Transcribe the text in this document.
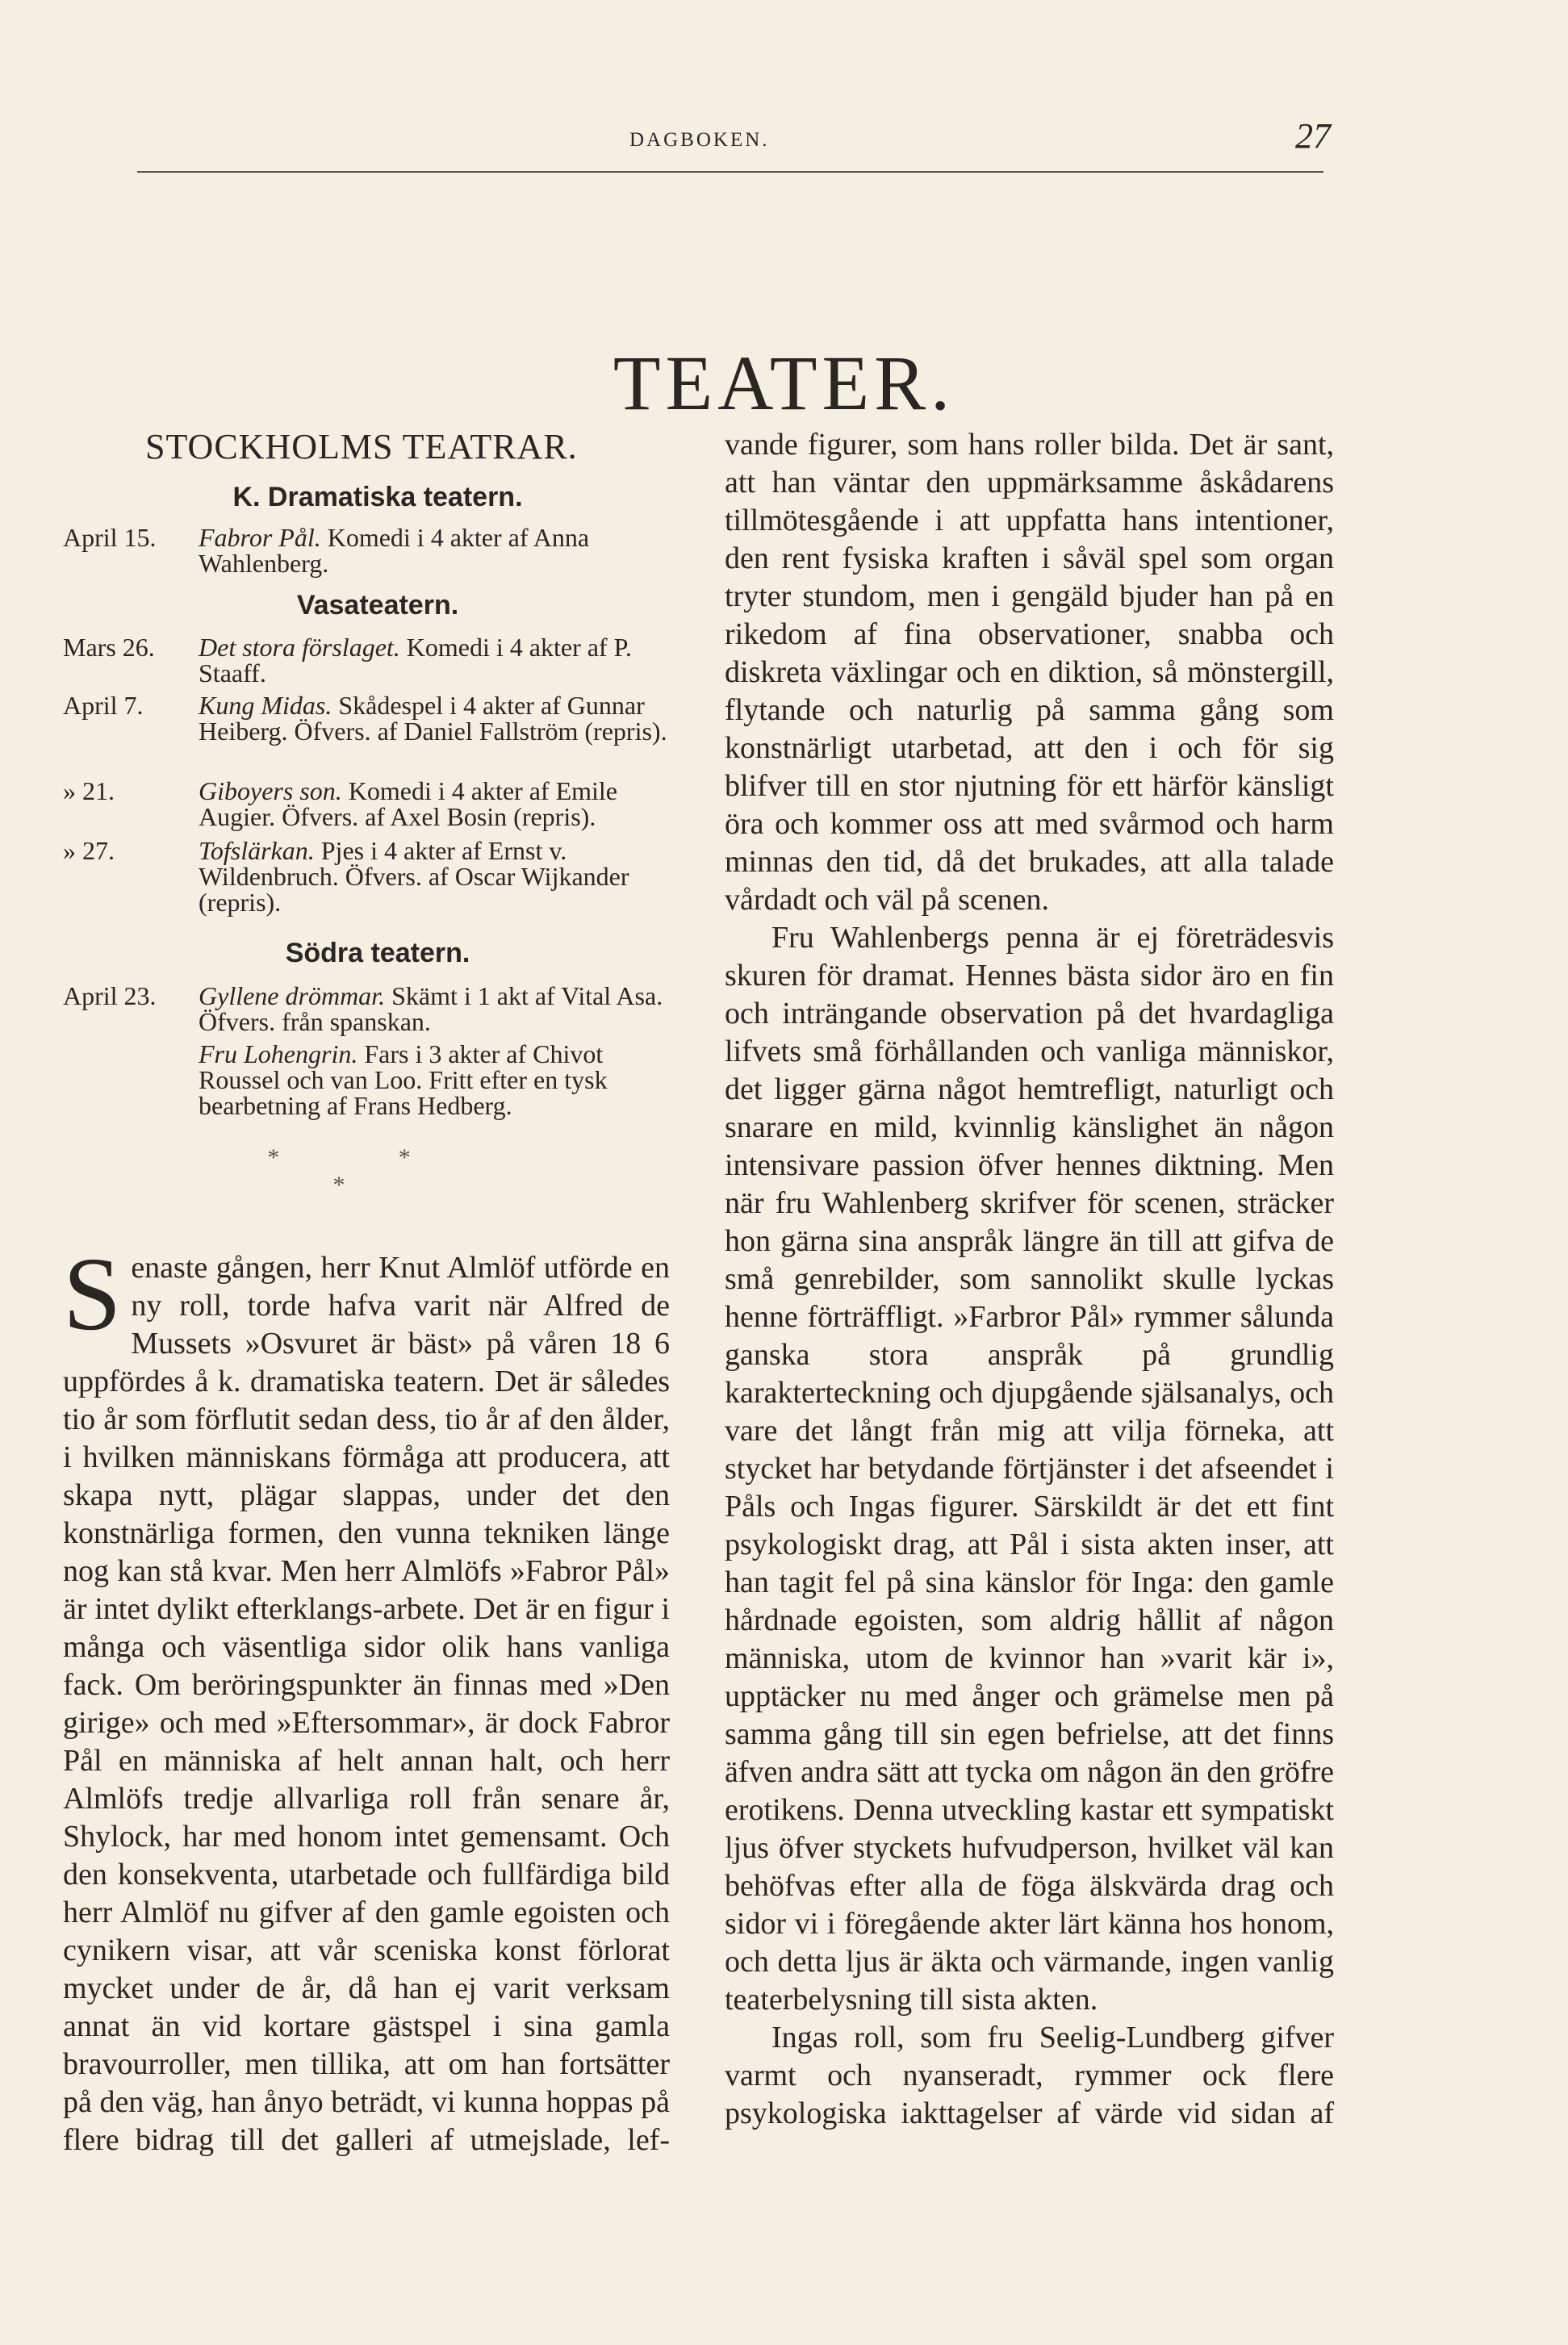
DAGBOKEN.	27
TEATER.
STOCKHOLMS TEATRAR.
K. Dramatiska teatern.
April 15.	Fabror Pål. Komedi i 4 akter af Anna Wahlenberg.
Vasateatern.
Mars 26.	Det stora förslaget. Komedi i 4 akter af P. Staaff.
April 7.	Kung Midas. Skådespel i 4 akter af Gunnar Heiberg. Öfvers. af Daniel Fallström (repris).
» 21.	Giboyers son. Komedi i 4 akter af Emile Augier. Öfvers. af Axel Bosin (repris).
» 27.	Tofslärkan. Pjes i 4 akter af Ernst v. Wildenbruch. Öfvers. af Oscar Wijkander (repris).
Södra teatern.
April 23.	Gyllene drömmar. Skämt i 1 akt af Vital Asa. Öfvers. från spanskan.
Fru Lohengrin. Fars i 3 akter af Chivot Roussel och van Loo. Fritt efter en tysk bearbetning af Frans Hedberg.
* * *

Senaste gången, herr Knut Almlöf utförde en ny roll, torde hafva varit när Alfred de Mussets »Osvuret är bäst» på våren 18 6 uppfördes å k. dramatiska teatern. Det är således tio år som förflutit sedan dess, tio år af den ålder, i hvilken människans förmåga att producera, att skapa nytt, plägar slappas, under det den konstnärliga formen, den vunna tekniken länge nog kan stå kvar. Men herr Almlöfs »Fabror Pål» är intet dylikt efterklangs-arbete. Det är en figur i många och väsentliga sidor olik hans vanliga fack. Om beröringspunkter än finnas med »Den girige» och med »Eftersommar», är dock Fabror Pål en människa af helt annan halt, och herr Almlöfs tredje allvarliga roll från senare år, Shylock, har med honom intet gemensamt. Och den konsekventa, utarbetade och fullfärdiga bild herr Almlöf nu gifver af den gamle egoisten och cynikern visar, att vår sceniska konst förlorat mycket under de år, då han ej varit verksam annat än vid kortare gästspel i sina gamla bravourroller, men tillika, att om han fortsätter på den väg, han ånyo beträdt, vi kunna hoppas på flere bidrag till det galleri af utmejslade, lef-

vande figurer, som hans roller bilda. Det är sant, att han väntar den uppmärksamme åskådarens tillmötesgående i att uppfatta hans intentioner, den rent fysiska kraften i såväl spel som organ tryter stundom, men i gengäld bjuder han på en rikedom af fina observationer, snabba och diskreta växlingar och en diktion, så mönstergill, flytande och naturlig på samma gång som konstnärligt utarbetad, att den i och för sig blifver till en stor njutning för ett härför känsligt öra och kommer oss att med svårmod och harm minnas den tid, då det brukades, att alla talade vårdadt och väl på scenen.

Fru Wahlenbergs penna är ej företrädesvis skuren för dramat. Hennes bästa sidor äro en fin och inträngande observation på det hvardagliga lifvets små förhållanden och vanliga människor, det ligger gärna något hemtrefligt, naturligt och snarare en mild, kvinnlig känslighet än någon intensivare passion öfver hennes diktning. Men när fru Wahlenberg skrifver för scenen, sträcker hon gärna sina anspråk längre än till att gifva de små genrebilder, som sannolikt skulle lyckas henne förträffligt. »Farbror Pål» rymmer sålunda ganska stora anspråk på grundlig karakterteckning och djupgående själsanalys, och vare det långt från mig att vilja förneka, att stycket har betydande förtjänster i det afseendet i Påls och Ingas figurer. Särskildt är det ett fint psykologiskt drag, att Pål i sista akten inser, att han tagit fel på sina känslor för Inga: den gamle hårdnade egoisten, som aldrig hållit af någon människa, utom de kvinnor han »varit kär i», upptäcker nu med ånger och grämelse men på samma gång till sin egen befrielse, att det finns äfven andra sätt att tycka om någon än den gröfre erotikens. Denna utveckling kastar ett sympatiskt ljus öfver styckets hufvudperson, hvilket väl kan behöfvas efter alla de föga älskvärda drag och sidor vi i föregående akter lärt känna hos honom, och detta ljus är äkta och värmande, ingen vanlig teaterbelysning till sista akten.

Ingas roll, som fru Seelig-Lundberg gifver varmt och nyanseradt, rymmer ock flere psykologiska iakttagelser af värde vid sidan af
